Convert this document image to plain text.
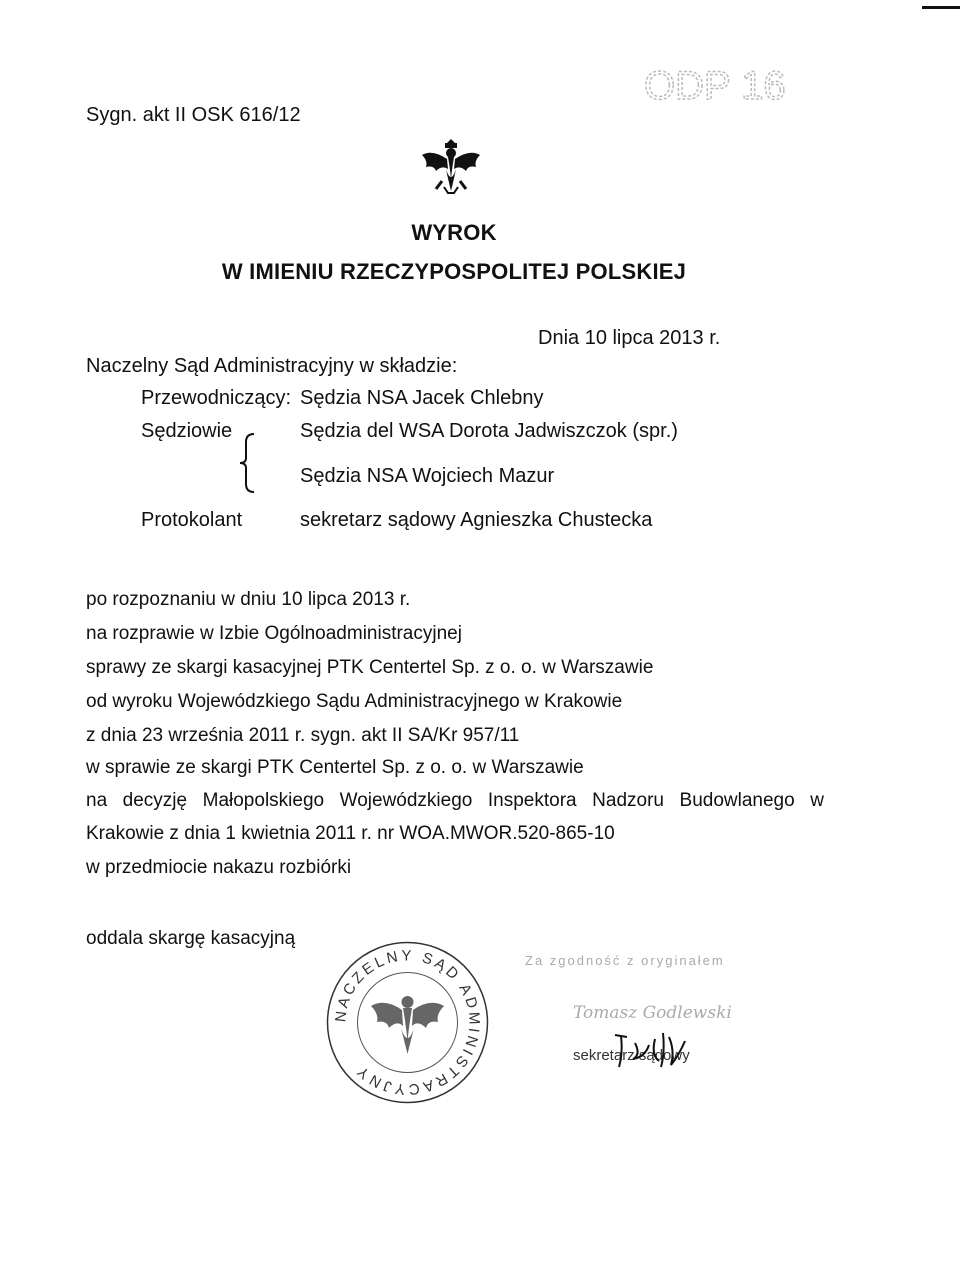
ODP 16
Sygn. akt II OSK 616/12
WYROK
W IMIENIU RZECZYPOSPOLITEJ POLSKIEJ
Dnia 10 lipca 2013 r.
Naczelny Sąd Administracyjny w składzie:
Przewodniczący: Sędzia NSA Jacek Chlebny
Sędziowie	Sędzia del WSA Dorota Jadwiszczok (spr.)
Sędzia NSA Wojciech Mazur
Protokolant	sekretarz sądowy Agnieszka Chustecka
po rozpoznaniu w dniu 10 lipca 2013 r.
na rozprawie w Izbie Ogólnoadministracyjnej
sprawy ze skargi kasacyjnej PTK Centertel Sp. z o. o. w Warszawie
od wyroku Wojewódzkiego Sądu Administracyjnego w Krakowie
z dnia 23 września 2011 r. sygn. akt II SA/Kr 957/11
w sprawie ze skargi PTK Centertel Sp. z o. o. w Warszawie
na decyzję Małopolskiego Wojewódzkiego Inspektora Nadzoru Budowlanego w
Krakowie z dnia 1 kwietnia 2011 r. nr WOA.MWOR.520-865-10
w przedmiocie nakazu rozbiórki
oddala skargę kasacyjną
NACZELNY SĄD ADMINISTRACYJNY
Za zgodność z oryginałem
Tomasz Godlewski
sekretarz sądowy
